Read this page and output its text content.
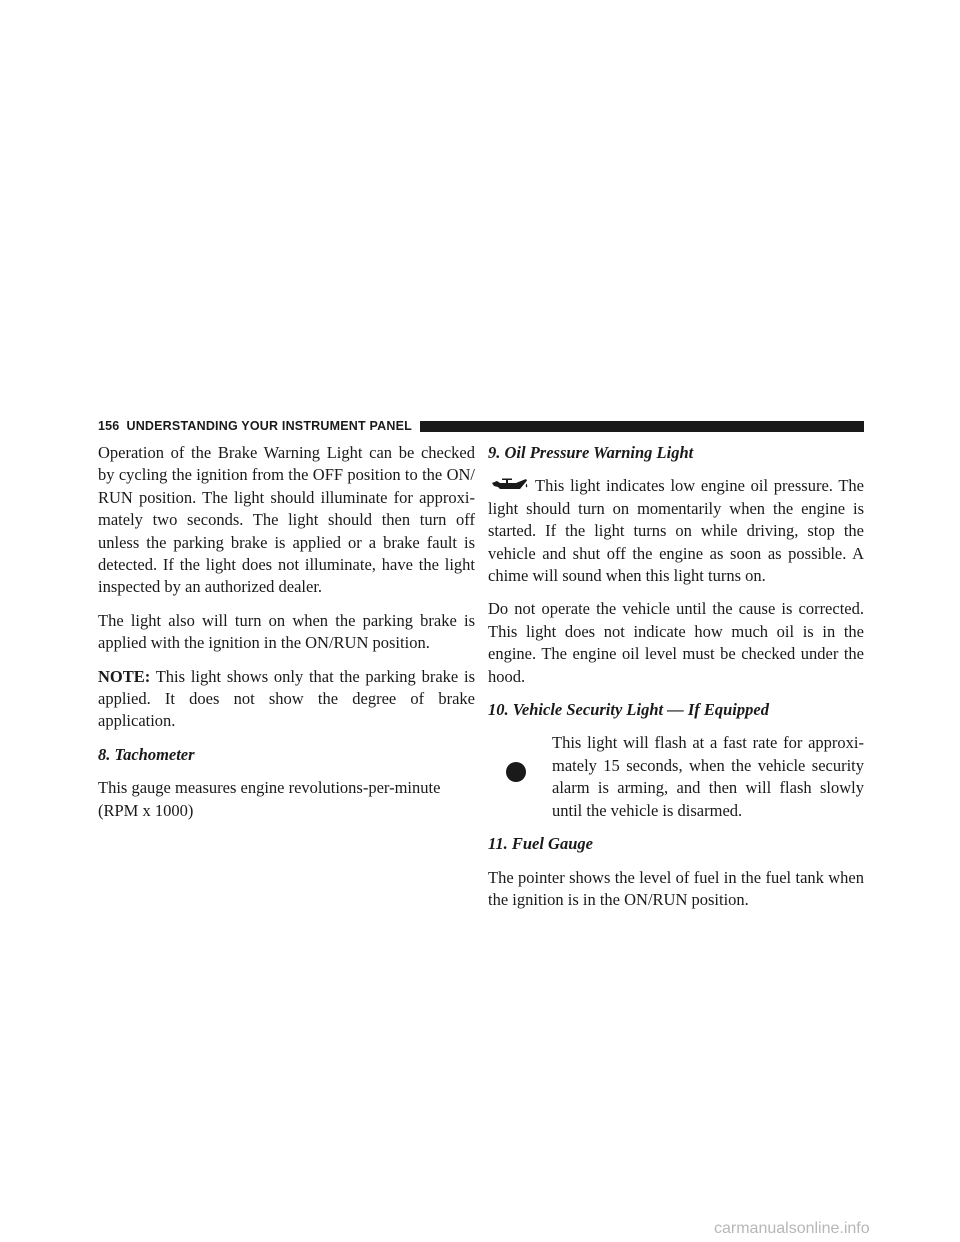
156 UNDERSTANDING YOUR INSTRUMENT PANEL

Operation of the Brake Warning Light can be checked by cycling the ignition from the OFF position to the ON/ RUN position. The light should illuminate for approxi-mately two seconds. The light should then turn off unless the parking brake is applied or a brake fault is detected. If the light does not illuminate, have the light inspected by an authorized dealer.

The light also will turn on when the parking brake is applied with the ignition in the ON/RUN position.

NOTE: This light shows only that the parking brake is applied. It does not show the degree of brake application.

8. Tachometer

This gauge measures engine revolutions-per-minute (RPM x 1000)

9. Oil Pressure Warning Light

This light indicates low engine oil pressure. The light should turn on momentarily when the engine is started. If the light turns on while driving, stop the vehicle and shut off the engine as soon as possible. A chime will sound when this light turns on.

Do not operate the vehicle until the cause is corrected. This light does not indicate how much oil is in the engine. The engine oil level must be checked under the hood.

10. Vehicle Security Light — If Equipped

This light will flash at a fast rate for approxi-mately 15 seconds, when the vehicle security alarm is arming, and then will flash slowly until the vehicle is disarmed.

11. Fuel Gauge

The pointer shows the level of fuel in the fuel tank when the ignition is in the ON/RUN position.

carmanualsonline.info
